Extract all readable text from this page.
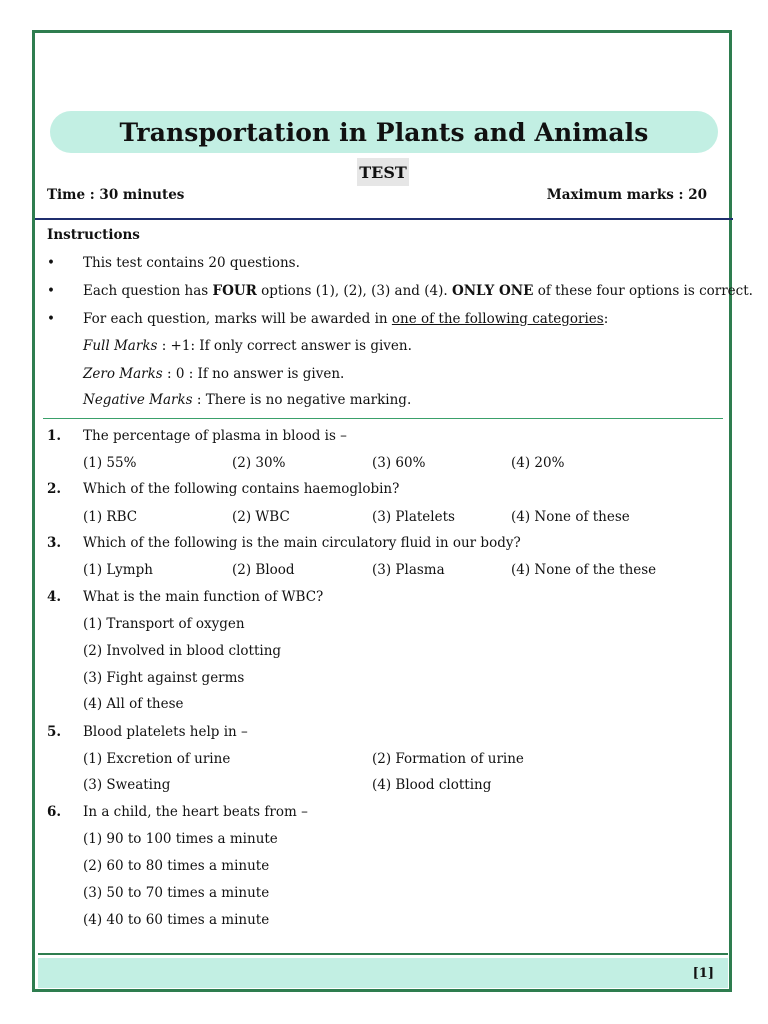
Transportation in Plants and Animals
TEST
Time : 30 minutes	Maximum marks : 20
Instructions
• This test contains 20 questions.
• Each question has FOUR options (1), (2), (3) and (4). ONLY ONE of these four options is correct.
• For each question, marks will be awarded in one of the following categories:
Full Marks : +1: If only correct answer is given.
Zero Marks : 0 : If no answer is given.
Negative Marks : There is no negative marking.
1. The percentage of plasma in blood is –
(1) 55%	(2) 30%	(3) 60%	(4) 20%
2. Which of the following contains haemoglobin?
(1) RBC	(2) WBC	(3) Platelets	(4) None of these
3. Which of the following is the main circulatory fluid in our body?
(1) Lymph	(2) Blood	(3) Plasma	(4) None of the these
4. What is the main function of WBC?
(1) Transport of oxygen
(2) Involved in blood clotting
(3) Fight against germs
(4) All of these
5. Blood platelets help in –
(1) Excretion of urine	(2) Formation of urine
(3) Sweating	(4) Blood clotting
6. In a child, the heart beats from –
(1) 90 to 100 times a minute
(2) 60 to 80 times a minute
(3) 50 to 70 times a minute
(4) 40 to 60 times a minute
[1]
